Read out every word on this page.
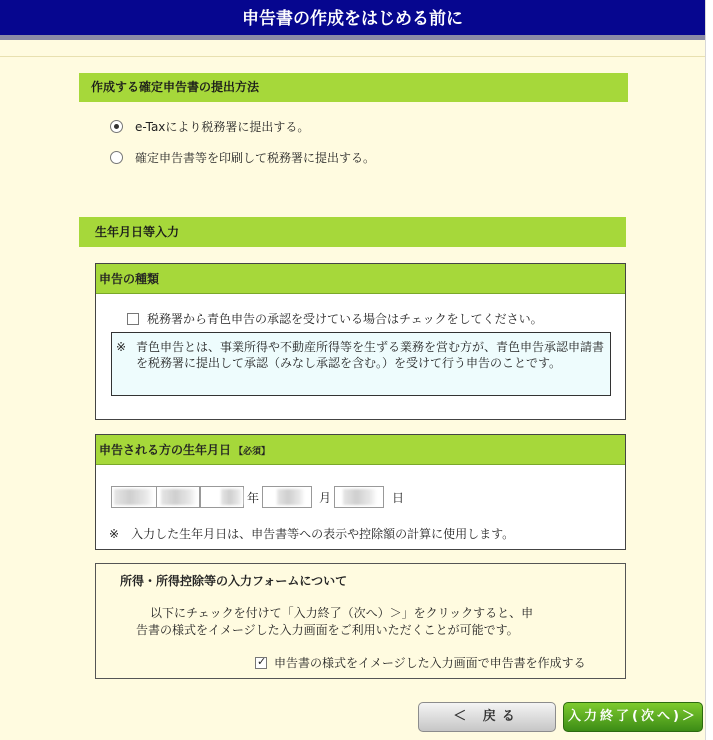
申告書の作成をはじめる前に
作成する確定申告書の提出方法
e-Taxにより税務署に提出する。
確定申告書等を印刷して税務署に提出する。
生年月日等入力
申告の種類
税務署から青色申告の承認を受けている場合はチェックをしてください。
※ 青色申告とは、事業所得や不動産所得等を生ずる業務を営む方が、青色申告承認申請書を税務署に提出して承認（みなし承認を含む。）を受けて行う申告のことです。
申告される方の生年月日 【必須】
年	月	日
※ 入力した生年月日は、申告書等への表示や控除額の計算に使用します。
所得・所得控除等の入力フォームについて
以下にチェックを付けて「入力終了（次へ）＞」をクリックすると、申
告書の様式をイメージした入力画面をご利用いただくことが可能です。
✓
申告書の様式をイメージした入力画面で申告書を作成する
＜ 戻る	入力終了(次へ)＞
